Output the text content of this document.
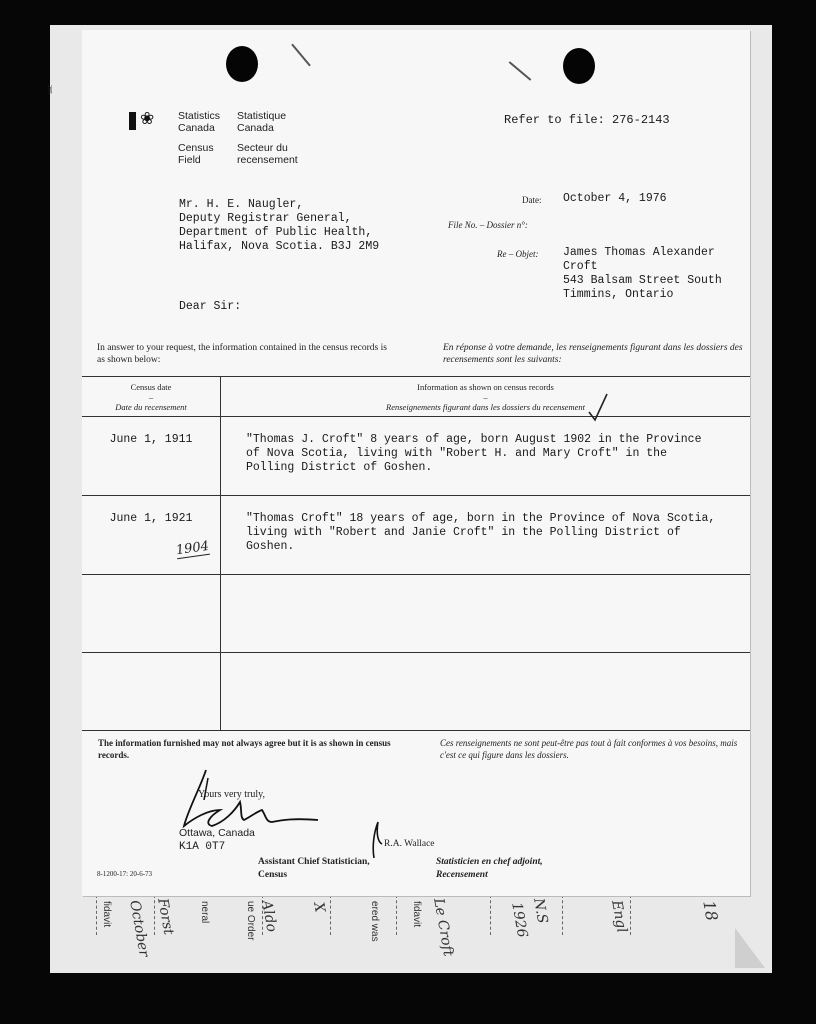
285
fidavit	neral	ue Order	ered was	fidavit
Forst
October	Aldo X	Le Croft	1926 N.S	Engl	18
❀ Statistics
Canada
Statistique
Canada
Census
Field
Secteur du
recensement
Refer to file: 276-2143
Mr. H. E. Naugler,
Deputy Registrar General,
Department of Public Health,
Halifax, Nova Scotia. B3J 2M9
Date: October 4, 1976
File No. – Dossier n°:
Re – Objet: James Thomas Alexander
Croft
543 Balsam Street South
Timmins, Ontario
Dear Sir:
In answer to your request, the information contained in the census records is as shown below:
En réponse à votre demande, les renseignements figurant dans les dossiers des recensements sont les suivants:
Census date
–
Date du recensement
Information as shown on census records
–
Renseignements figurant dans les dossiers du recensement
June 1, 1911	"Thomas J. Croft" 8 years of age, born August 1902 in the Province
of Nova Scotia, living with "Robert H. and Mary Croft" in the
Polling District of Goshen.
June 1, 1921	"Thomas Croft" 18 years of age, born in the Province of Nova Scotia,
living with "Robert and Janie Croft" in the Polling District of
Goshen.
1904
The information furnished may not always agree but it is as shown in census records.
Ces renseignements ne sont peut-être pas tout à fait conformes à vos besoins, mais c'est ce qui figure dans les dossiers.
Yours very truly,
Ottawa, Canada
K1A 0T7	R.A. Wallace
Assistant Chief Statistician,
Census
Statisticien en chef adjoint,
Recensement
8-1200-17: 20-6-73
